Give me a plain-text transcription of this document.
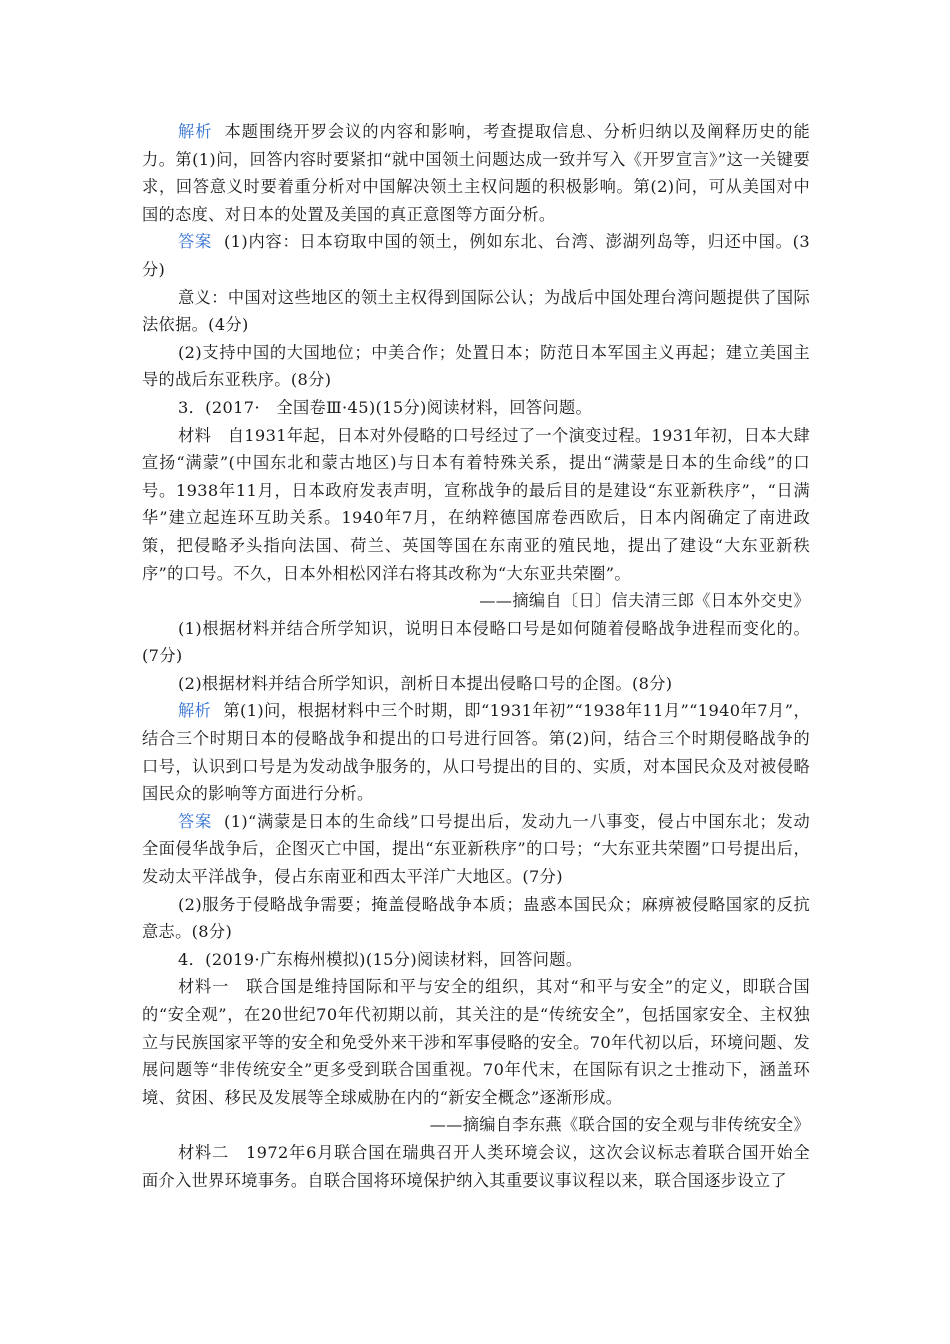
解析 本题围绕开罗会议的内容和影响，考查提取信息、分析归纳以及阐释历史的能力。第(1)问，回答内容时要紧扣“就中国领土问题达成一致并写入《开罗宣言》”这一关键要求，回答意义时要着重分析对中国解决领土主权问题的积极影响。第(2)问，可从美国对中国的态度、对日本的处置及美国的真正意图等方面分析。

答案 (1)内容：日本窃取中国的领土，例如东北、台湾、澎湖列岛等，归还中国。(3分)

意义：中国对这些地区的领土主权得到国际公认；为战后中国处理台湾问题提供了国际法依据。(4分)

(2)支持中国的大国地位；中美合作；处置日本；防范日本军国主义再起；建立美国主导的战后东亚秩序。(8分)

3．(2017·　全国卷Ⅲ·45)(15分)阅读材料，回答问题。

材料　自1931年起，日本对外侵略的口号经过了一个演变过程。1931年初，日本大肆宣扬“满蒙”(中国东北和蒙古地区)与日本有着特殊关系，提出“满蒙是日本的生命线”的口号。1938年11月，日本政府发表声明，宣称战争的最后目的是建设“东亚新秩序”，“日满华”建立起连环互助关系。1940年7月，在纳粹德国席卷西欧后，日本内阁确定了南进政策，把侵略矛头指向法国、荷兰、英国等国在东南亚的殖民地，提出了建设“大东亚新秩序”的口号。不久，日本外相松冈洋右将其改称为“大东亚共荣圈”。

——摘编自〔日〕信夫清三郎《日本外交史》

(1)根据材料并结合所学知识，说明日本侵略口号是如何随着侵略战争进程而变化的。(7分)

(2)根据材料并结合所学知识，剖析日本提出侵略口号的企图。(8分)

解析 第(1)问，根据材料中三个时期，即“1931年初”“1938年11月”“1940年7月”，结合三个时期日本的侵略战争和提出的口号进行回答。第(2)问，结合三个时期侵略战争的口号，认识到口号是为发动战争服务的，从口号提出的目的、实质，对本国民众及对被侵略国民众的影响等方面进行分析。

答案 (1)“满蒙是日本的生命线”口号提出后，发动九一八事变，侵占中国东北；发动全面侵华战争后，企图灭亡中国，提出“东亚新秩序”的口号；“大东亚共荣圈”口号提出后，发动太平洋战争，侵占东南亚和西太平洋广大地区。(7分)

(2)服务于侵略战争需要；掩盖侵略战争本质；蛊惑本国民众；麻痹被侵略国家的反抗意志。(8分)

4．(2019·广东梅州模拟)(15分)阅读材料，回答问题。

材料一　联合国是维持国际和平与安全的组织，其对“和平与安全”的定义，即联合国的“安全观”，在20世纪70年代初期以前，其关注的是“传统安全”，包括国家安全、主权独立与民族国家平等的安全和免受外来干涉和军事侵略的安全。70年代初以后，环境问题、发展问题等“非传统安全”更多受到联合国重视。70年代末，在国际有识之士推动下，涵盖环境、贫困、移民及发展等全球威胁在内的“新安全概念”逐渐形成。

——摘编自李东燕《联合国的安全观与非传统安全》

材料二　1972年6月联合国在瑞典召开人类环境会议，这次会议标志着联合国开始全面介入世界环境事务。自联合国将环境保护纳入其重要议事议程以来，联合国逐步设立了
